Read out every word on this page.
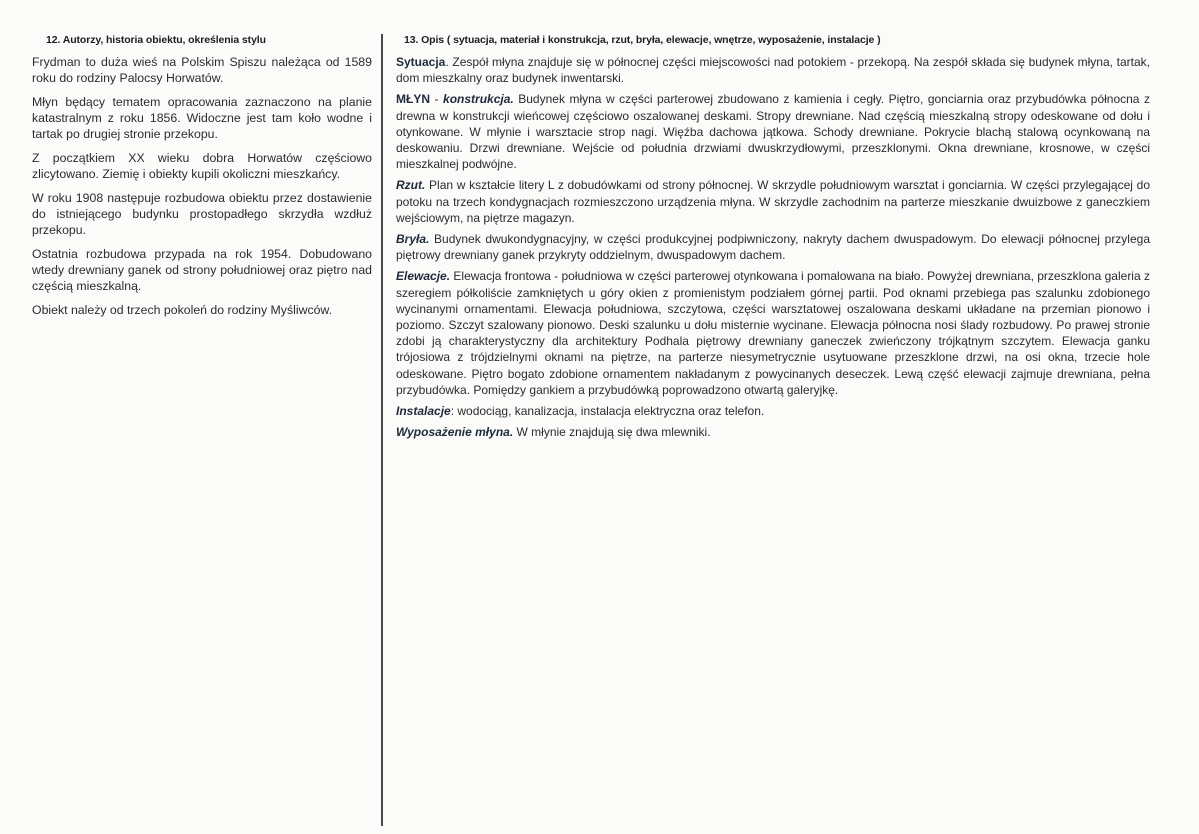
12. Autorzy, historia obiektu, określenia stylu

Frydman to duża wieś na Polskim Spiszu należąca od 1589 roku do rodziny Palocsy Horwatów.

Młyn będący tematem opracowania zaznaczono na planie katastralnym z roku 1856. Widoczne jest tam koło wodne i tartak po drugiej stronie przekopu.

Z początkiem XX wieku dobra Horwatów częściowo zlicytowano. Ziemię i obiekty kupili okoliczni mieszkańcy.

W roku 1908 następuje rozbudowa obiektu przez dostawienie do istniejącego budynku prostopadłego skrzydła wzdłuż przekopu.

Ostatnia rozbudowa przypada na rok 1954. Dobudowano wtedy drewniany ganek od strony południowej oraz piętro nad częścią mieszkalną.

Obiekt należy od trzech pokoleń do rodziny Myśliwców.

13. Opis ( sytuacja, materiał i konstrukcja, rzut, bryła, elewacje, wnętrze, wyposażenie, instalacje )

Sytuacja. Zespół młyna znajduje się w północnej części miejscowości nad potokiem - przekopą. Na zespół składa się budynek młyna, tartak, dom mieszkalny oraz budynek inwentarski.

MŁYN - konstrukcja. Budynek młyna w części parterowej zbudowano z kamienia i cegły. Piętro, gonciarnia oraz przybudówka północna z drewna w konstrukcji wieńcowej częściowo oszalowanej deskami. Stropy drewniane. Nad częścią mieszkalną stropy odeskowane od dołu i otynkowane. W młynie i warsztacie strop nagi. Więźba dachowa jątkowa. Schody drewniane. Pokrycie blachą stalową ocynkowaną na deskowaniu. Drzwi drewniane. Wejście od południa drzwiami dwuskrzydłowymi, przeszklonymi. Okna drewniane, krosnowe, w części mieszkalnej podwójne.

Rzut. Plan w kształcie litery L z dobudówkami od strony północnej. W skrzydle południowym warsztat i gonciarnia. W części przylegającej do potoku na trzech kondygnacjach rozmieszczono urządzenia młyna. W skrzydle zachodnim na parterze mieszkanie dwuizbowe z ganeczkiem wejściowym, na piętrze magazyn.

Bryła. Budynek dwukondygnacyjny, w części produkcyjnej podpiwniczony, nakryty dachem dwuspadowym. Do elewacji północnej przylega piętrowy drewniany ganek przykryty oddzielnym, dwuspadowym dachem.

Elewacje. Elewacja frontowa - południowa w części parterowej otynkowana i pomalowana na biało. Powyżej drewniana, przeszklona galeria z szeregiem półkoliście zamkniętych u góry okien z promienistym podziałem górnej partii. Pod oknami przebiega pas szalunku zdobionego wycinanymi ornamentami. Elewacja południowa, szczytowa, części warsztatowej oszalowana deskami układane na przemian pionowo i poziomo. Szczyt szalowany pionowo. Deski szalunku u dołu misternie wycinane. Elewacja północna nosi ślady rozbudowy. Po prawej stronie zdobi ją charakterystyczny dla architektury Podhala piętrowy drewniany ganeczek zwieńczony trójkątnym szczytem. Elewacja ganku trójosiowa z trójdzielnymi oknami na piętrze, na parterze niesymetrycznie usytuowane przeszklone drzwi, na osi okna, trzecie hole odeskowane. Piętro bogato zdobione ornamentem nakładanym z powycinanych deseczek. Lewą część elewacji zajmuje drewniana, pełna przybudówka. Pomiędzy gankiem a przybudówką poprowadzono otwartą galeryjkę.

Instalacje: wodociąg, kanalizacja, instalacja elektryczna oraz telefon.

Wyposażenie młyna. W młynie znajdują się dwa mlewniki.
